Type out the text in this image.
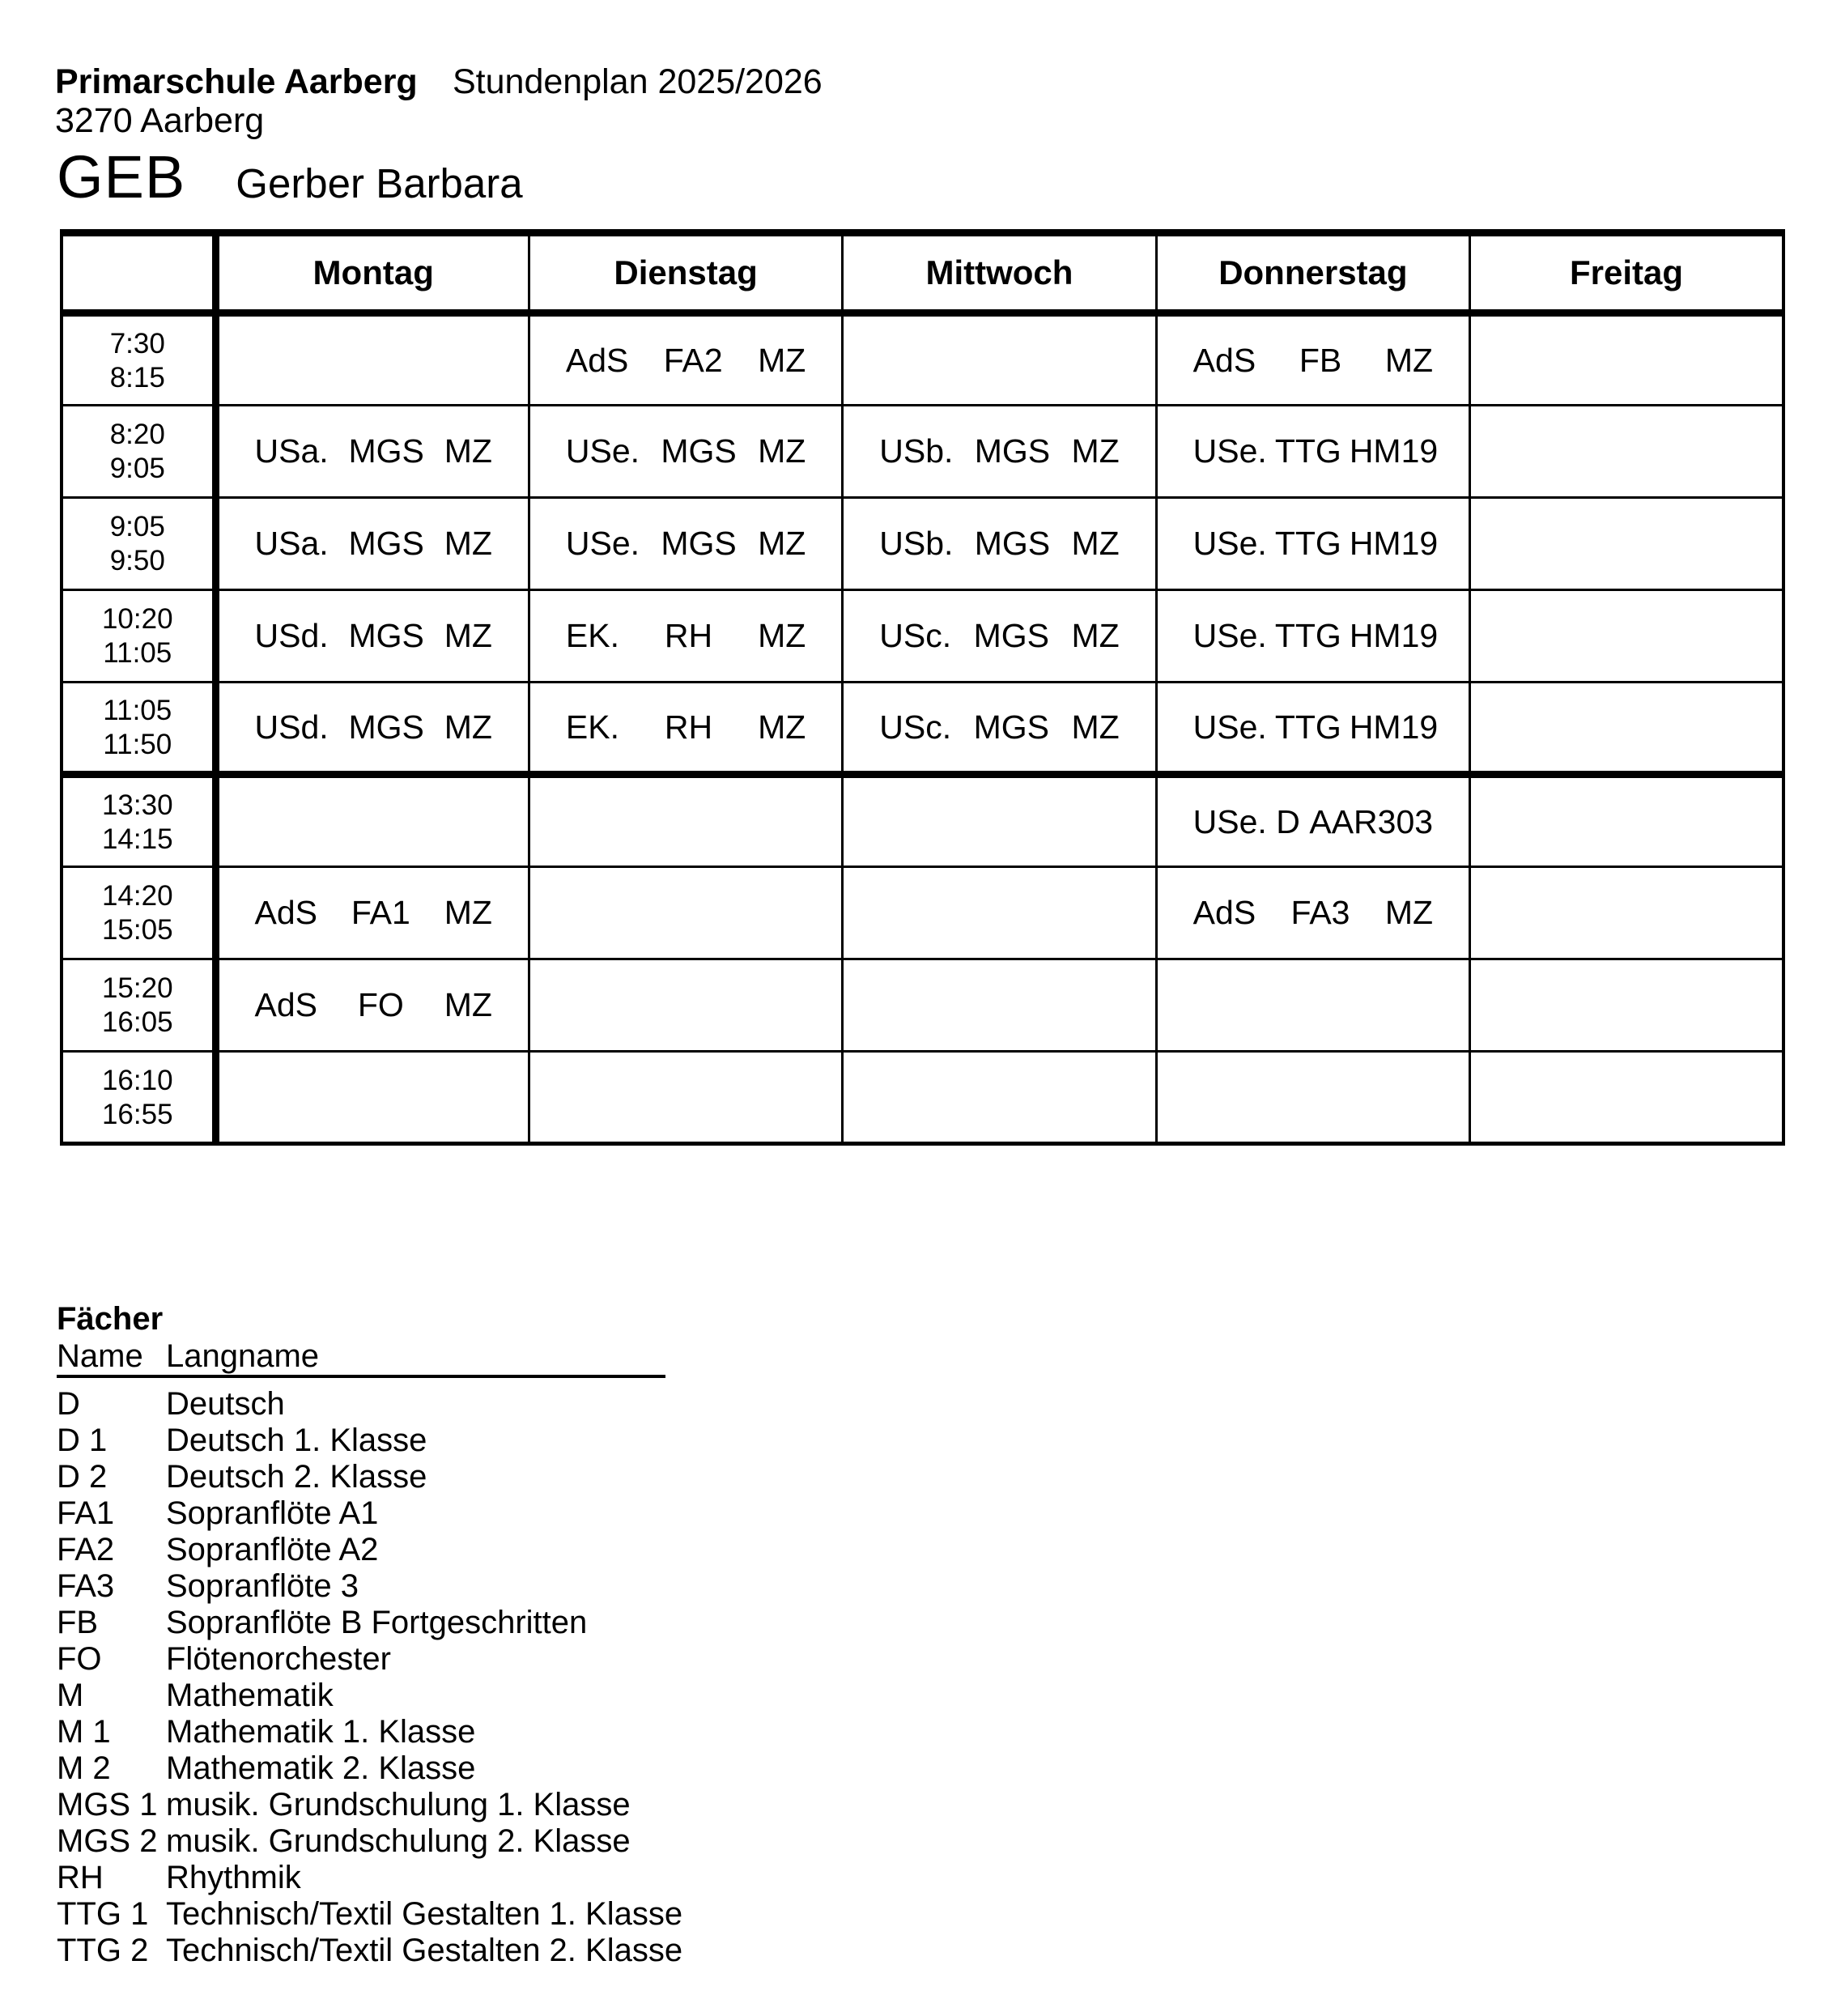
Primarschule Aarberg Stundenplan 2025/2026
3270 Aarberg
GEB Gerber Barbara
	Montag	Dienstag	Mittwoch	Donnerstag	Freitag

7:30
8:15		AdS FA2 MZ		AdS FB MZ	

8:20
9:05	USa. MGS MZ	USe. MGS MZ	USb. MGS MZ	USe. TTG HM19	

9:05
9:50	USa. MGS MZ	USe. MGS MZ	USb. MGS MZ	USe. TTG HM19	

10:20
11:05	USd. MGS MZ	EK. RH MZ	USc. MGS MZ	USe. TTG HM19	

11:05
11:50	USd. MGS MZ	EK. RH MZ	USc. MGS MZ	USe. TTG HM19	

13:30
14:15				USe. D AAR303	

14:20
15:05	AdS FA1 MZ			AdS FA3 MZ	

15:20
16:05	AdS FO MZ				

16:10
16:55					

Fächer
Name Langname
D	Deutsch
D 1 Deutsch 1. Klasse
D 2 Deutsch 2. Klasse
FA1 Sopranflöte A1
FA2 Sopranflöte A2
FA3 Sopranflöte 3
FB Sopranflöte B Fortgeschritten
FO Flötenorchester
M	Mathematik
M 1 Mathematik 1. Klasse
M 2 Mathematik 2. Klasse
MGS 1 musik. Grundschulung 1. Klasse
MGS 2 musik. Grundschulung 2. Klasse
RH Rhythmik
TTG 1 Technisch/Textil Gestalten 1. Klasse
TTG 2 Technisch/Textil Gestalten 2. Klasse
